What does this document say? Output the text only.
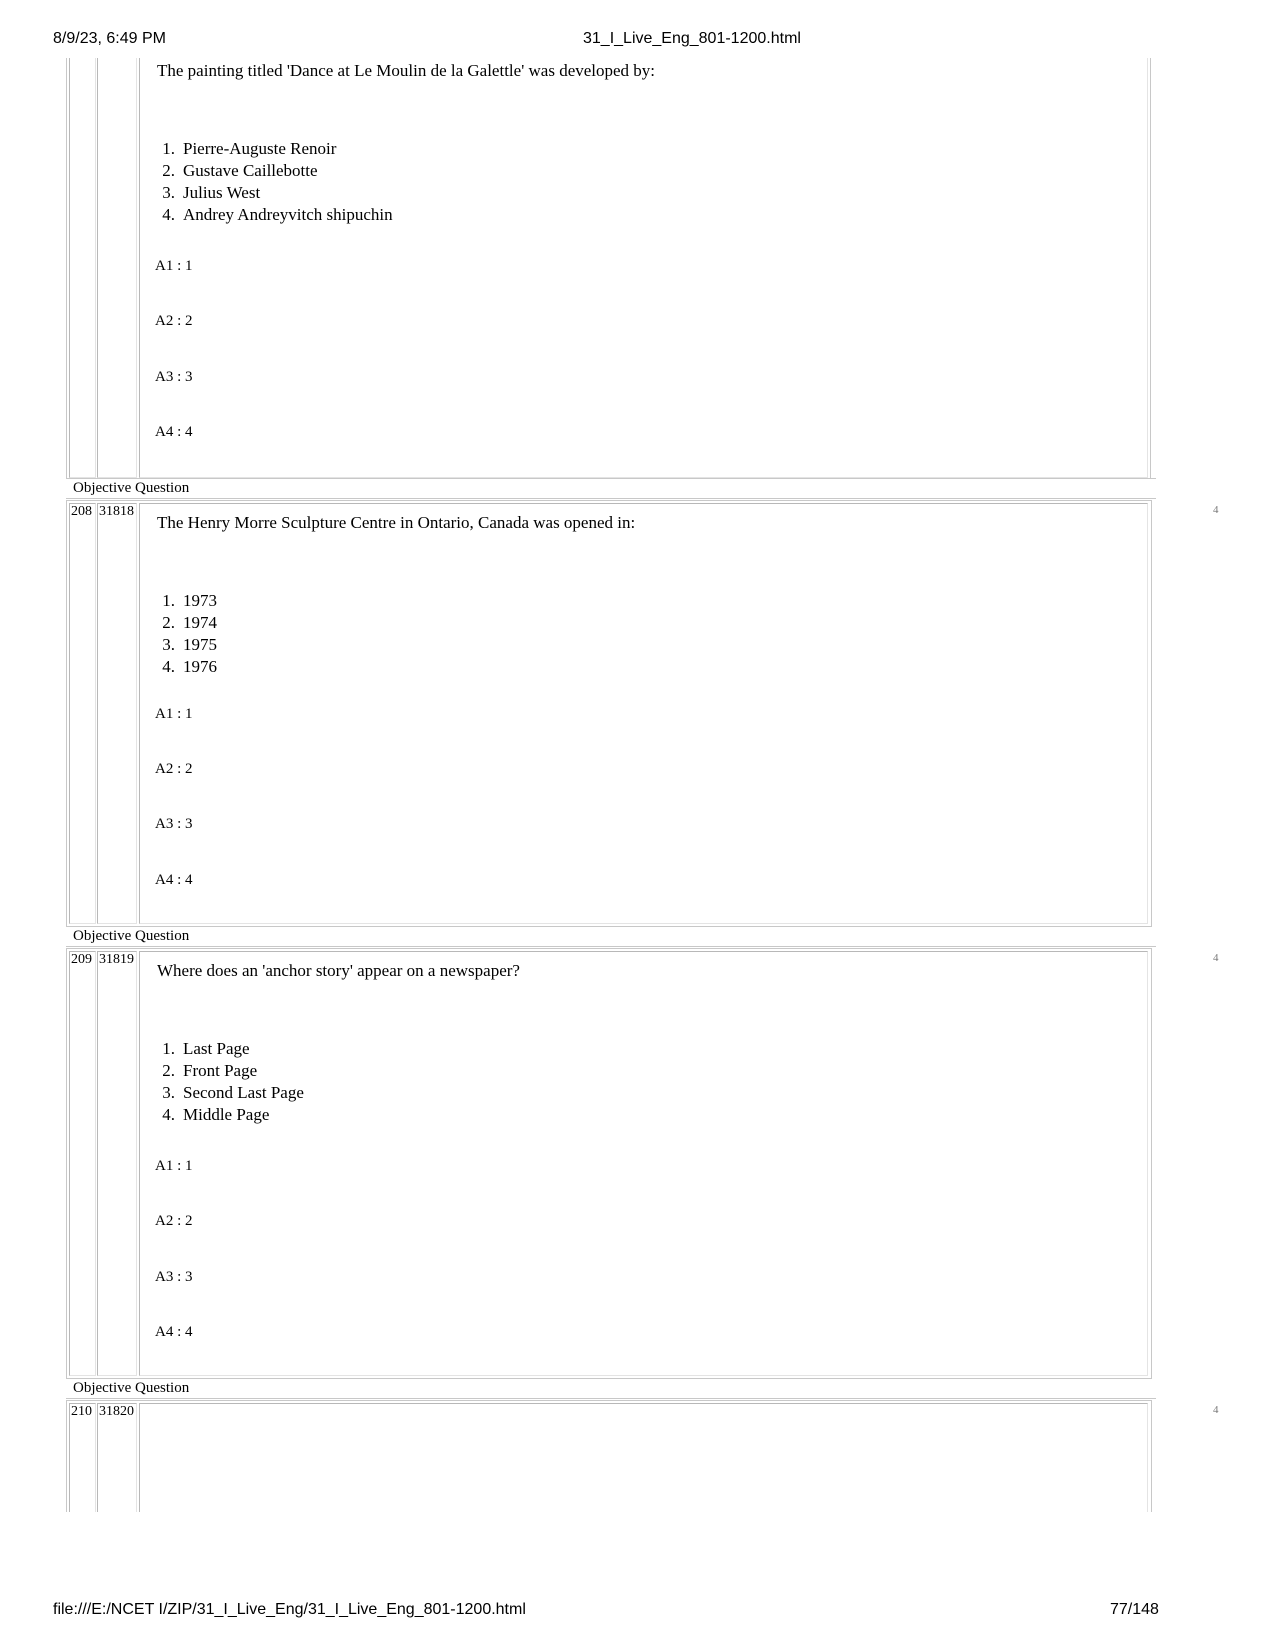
8/9/23, 6:49 PM	31_I_Live_Eng_801-1200.html
file:///E:/NCET I/ZIP/31_I_Live_Eng/31_I_Live_Eng_801-1200.html	77/148

The painting titled 'Dance at Le Moulin de la Galettle' was developed by:

1. Pierre-Auguste Renoir
2. Gustave Caillebotte
3. Julius West
4. Andrey Andreyvitch shipuchin
A1 : 1
A2 : 2
A3 : 3
A4 : 4
Objective Question
208 31818	4

The Henry Morre Sculpture Centre in Ontario, Canada was opened in:

1. 1973
2. 1974
3. 1975
4. 1976
A1 : 1
A2 : 2
A3 : 3
A4 : 4
Objective Question
209 31819	4

Where does an 'anchor story' appear on a newspaper?

1. Last Page
2. Front Page
3. Second Last Page
4. Middle Page
A1 : 1
A2 : 2
A3 : 3
A4 : 4
Objective Question
210 31820	4
